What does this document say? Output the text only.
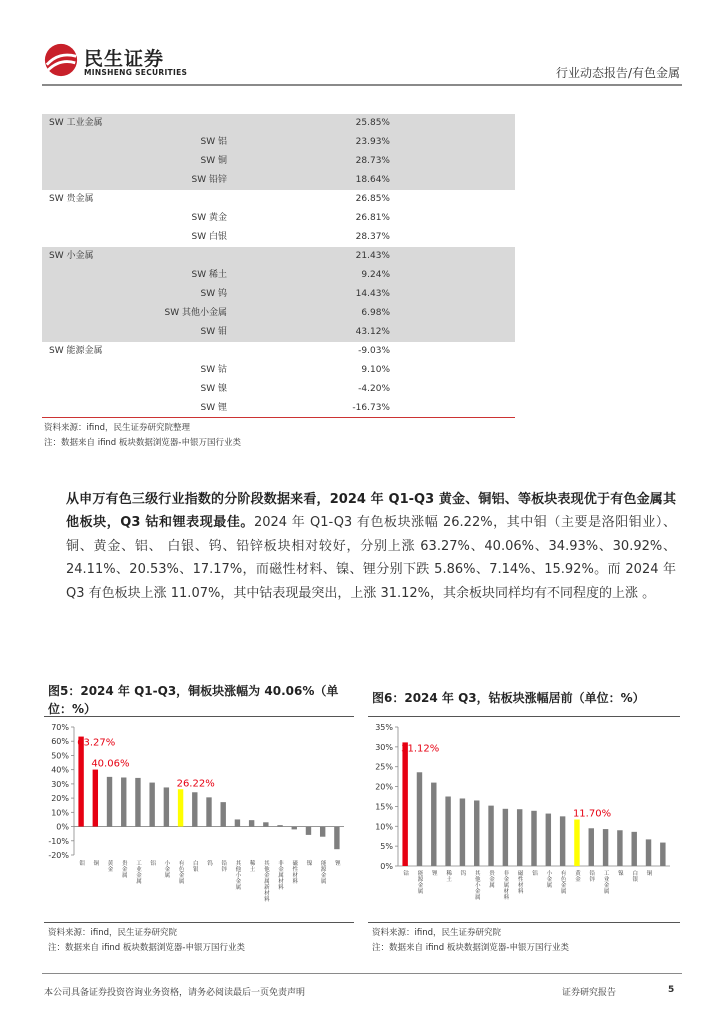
民生证券
MINSHENG SECURITIES	行业动态报告/有色金属
SW 工业金属	25.85%
SW 铝	23.93%
SW 铜	28.73%
SW 铅锌	18.64%
SW 贵金属	26.85%
SW 黄金	26.81%
SW 白银	28.37%
SW 小金属	21.43%
SW 稀土	9.24%
SW 钨	14.43%
SW 其他小金属	6.98%
SW 钼	43.12%
SW 能源金属	-9.03%
SW 钴	9.10%
SW 镍	-4.20%
SW 锂	-16.73%
资料来源：ifind，民生证券研究院整理
注：数据来自 ifind 板块数据浏览器-申银万国行业类
从申万有色三级行业指数的分阶段数据来看，2024 年 Q1-Q3 黄金、铜铝、等板块表现优于有色金属其他板块，Q3 钴和锂表现最佳。2024 年 Q1-Q3 有色板块涨幅 26.22%，其中钼（主要是洛阳钼业）、铜、黄金、铝、 白银、钨、铅锌板块相对较好，分别上涨 63.27%、40.06%、34.93%、30.92%、24.11%、20.53%、17.17%，而磁性材料、镍、锂分别下跌 5.86%、7.14%、15.92%。而 2024 年 Q3 有色板块上涨 11.07%，其中钴表现最突出，上涨 31.12%，其余板块同样均有不同程度的上涨 。
图5：2024 年 Q1-Q3，铜板块涨幅为 40.06%（单位：%）
70%
60%
50%
40%
30%
20%
10%
0%
-10%
-20%
钼 铜 黄金 贵金属 工业金属 铝 小金属 有色金属 白银 钨 铅锌 其他小金属 稀土 其他金属新材料 非金属材料 磁性材料 镍 能源金属 锂
63.27%
40.06%
26.22%
资料来源：ifind，民生证券研究院
注：数据来自 ifind 板块数据浏览器-申银万国行业类
图6：2024 年 Q3，钴板块涨幅居前（单位：%）
35%
30%
25%
20%
15%
10%
5%
0%
钴 能源金属 锂 稀土 钨 其他小金属 贵金属 非金属材料 磁性材料 铝 小金属 有色金属 黄金 铅锌 工业金属 镍 白银 铜
31.12%
11.70%
资料来源：ifind，民生证券研究院
注：数据来自 ifind 板块数据浏览器-申银万国行业类
本公司具备证券投资咨询业务资格，请务必阅读最后一页免责声明	证券研究报告	5
